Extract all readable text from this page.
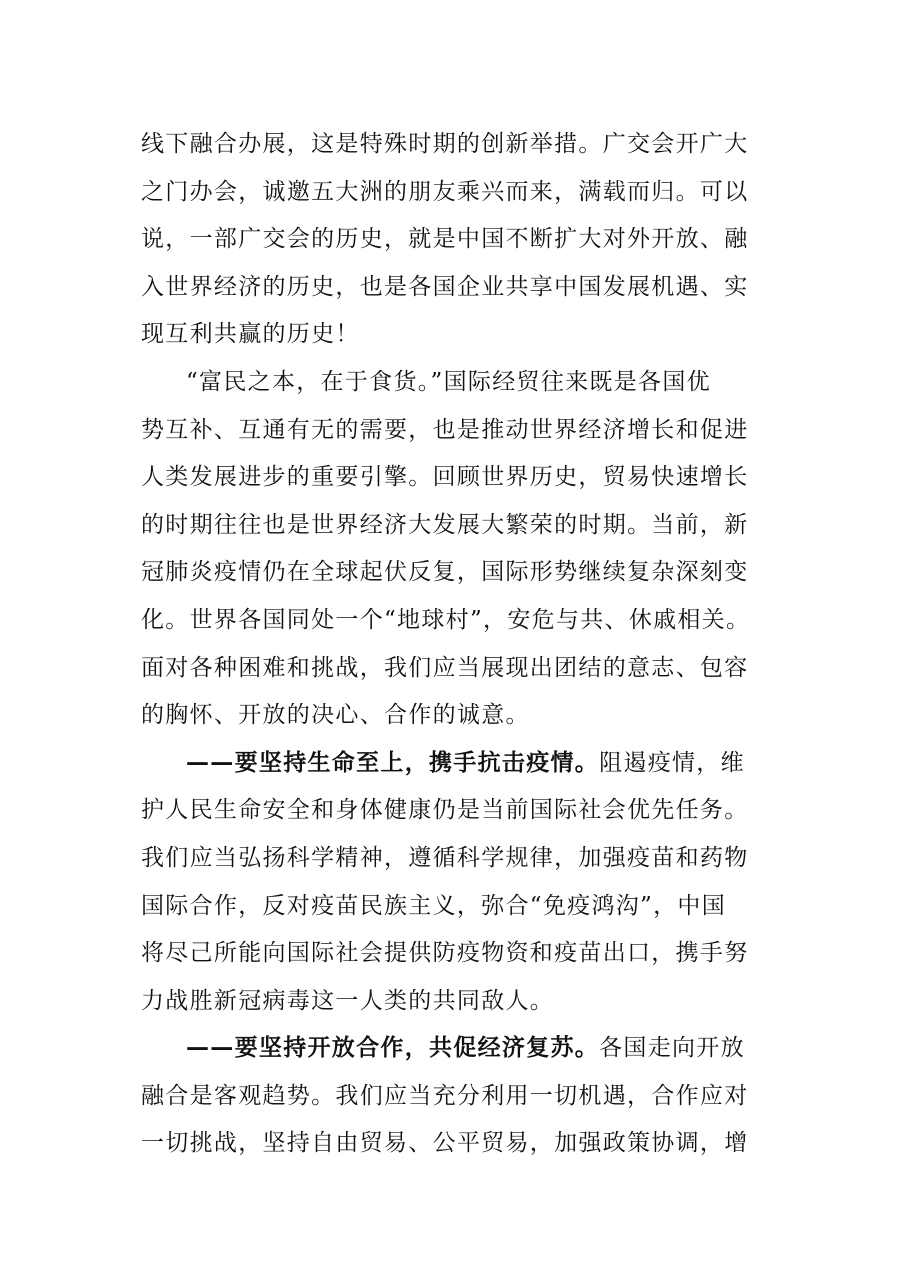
线下融合办展，这是特殊时期的创新举措。广交会开广大
之门办会，诚邀五大洲的朋友乘兴而来，满载而归。可以
说，一部广交会的历史，就是中国不断扩大对外开放、融
入世界经济的历史，也是各国企业共享中国发展机遇、实
现互利共赢的历史！
“富民之本，在于食货。”国际经贸往来既是各国优
势互补、互通有无的需要，也是推动世界经济增长和促进
人类发展进步的重要引擎。回顾世界历史，贸易快速增长
的时期往往也是世界经济大发展大繁荣的时期。当前，新
冠肺炎疫情仍在全球起伏反复，国际形势继续复杂深刻变
化。世界各国同处一个“地球村”，安危与共、休戚相关。
面对各种困难和挑战，我们应当展现出团结的意志、包容
的胸怀、开放的决心、合作的诚意。
——要坚持生命至上，携手抗击疫情。阻遏疫情，维
护人民生命安全和身体健康仍是当前国际社会优先任务。
我们应当弘扬科学精神，遵循科学规律，加强疫苗和药物
国际合作，反对疫苗民族主义，弥合“免疫鸿沟”，中国
将尽己所能向国际社会提供防疫物资和疫苗出口，携手努
力战胜新冠病毒这一人类的共同敌人。
——要坚持开放合作，共促经济复苏。各国走向开放
融合是客观趋势。我们应当充分利用一切机遇，合作应对
一切挑战，坚持自由贸易、公平贸易，加强政策协调，增
